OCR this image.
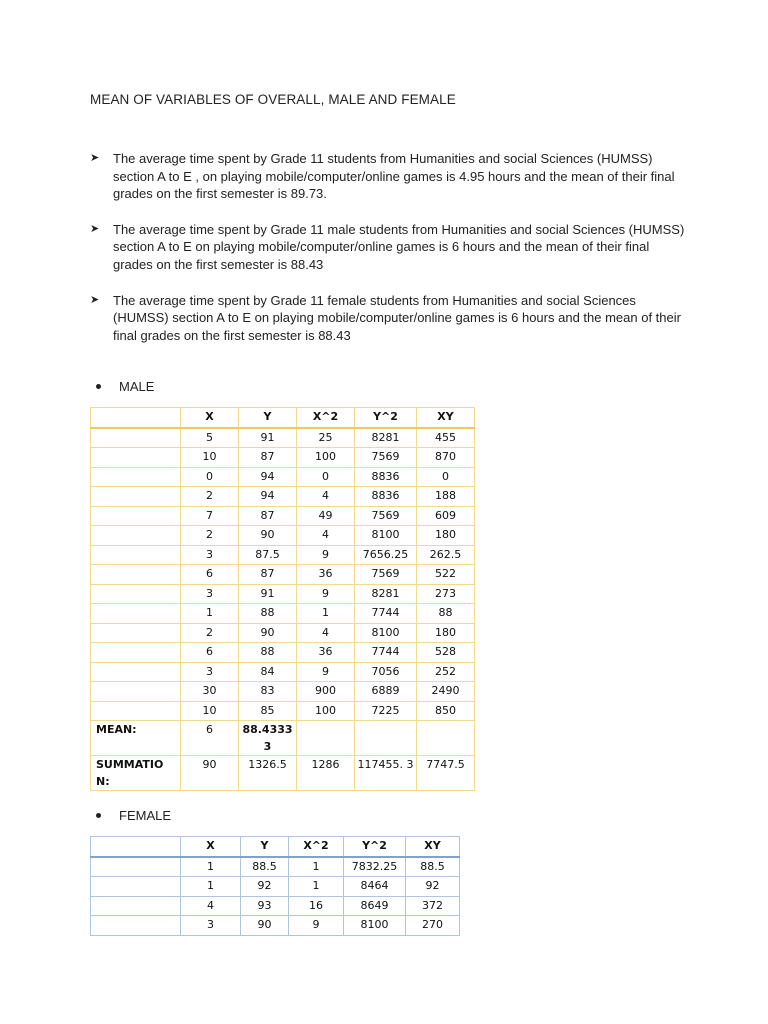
MEAN OF VARIABLES OF OVERALL, MALE AND FEMALE
➤ The average time spent by Grade 11 students from Humanities and social Sciences (HUMSS) section A to E , on playing mobile/computer/online games is 4.95 hours and the mean of their final grades on the first semester is 89.73.
➤ The average time spent by Grade 11 male students from Humanities and social Sciences (HUMSS) section A to E on playing mobile/computer/online games is 6 hours and the mean of their final grades on the first semester is 88.43
➤ The average time spent by Grade 11 female students from Humanities and social Sciences (HUMSS) section A to E on playing mobile/computer/online games is 6 hours and the mean of their final grades on the first semester is 88.43
MALE
	X	Y	X^2	Y^2	XY
	5	91	25	8281	455
	10	87	100	7569	870
	0	94	0	8836	0
	2	94	4	8836	188
	7	87	49	7569	609
	2	90	4	8100	180
	3	87.5	9	7656.25	262.5
	6	87	36	7569	522
	3	91	9	8281	273
	1	88	1	7744	88
	2	90	4	8100	180
	6	88	36	7744	528
	3	84	9	7056	252
	30	83	900	6889	2490
	10	85	100	7225	850
MEAN:	6	88.4333 3			
SUMMATIO N:	90	1326.5	1286	117455. 3	7747.5
FEMALE
	X	Y	X^2	Y^2	XY
	1	88.5	1	7832.25	88.5
	1	92	1	8464	92
	4	93	16	8649	372
	3	90	9	8100	270
